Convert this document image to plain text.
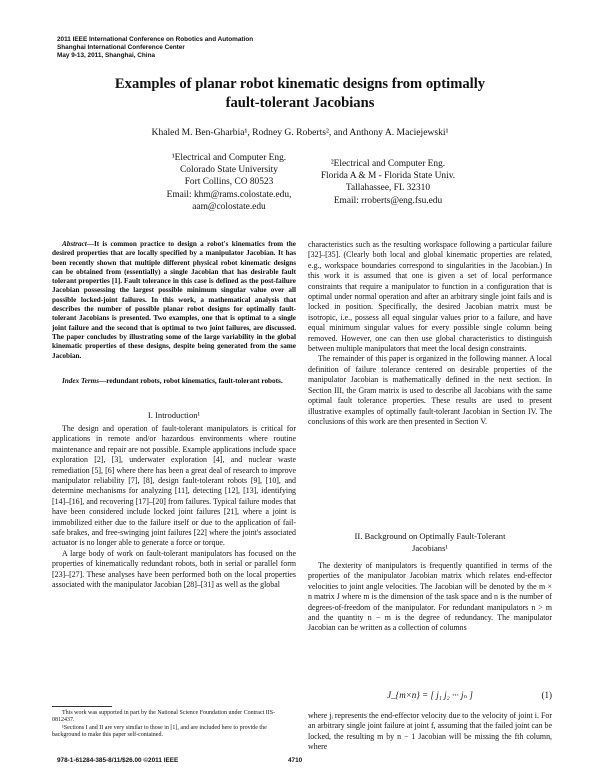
2011 IEEE International Conference on Robotics and Automation
Shanghai International Conference Center
May 9-13, 2011, Shanghai, China
Examples of planar robot kinematic designs from optimally
fault-tolerant Jacobians
Khaled M. Ben-Gharbia¹, Rodney G. Roberts², and Anthony A. Maciejewski¹
¹Electrical and Computer Eng.
Colorado State University
Fort Collins, CO 80523
Email: khm@rams.colostate.edu,
aam@colostate.edu
²Electrical and Computer Eng.
Florida A & M - Florida State Univ.
Tallahassee, FL 32310
Email: rroberts@eng.fsu.edu

Abstract—It is common practice to design a robot's kinematics from the desired properties that are locally specified by a manipulator Jacobian. It has been recently shown that multiple different physical robot kinematic designs can be obtained from (essentially) a single Jacobian that has desirable fault tolerant properties [1]. Fault tolerance in this case is defined as the post-failure Jacobian possessing the largest possible minimum singular value over all possible locked-joint failures. In this work, a mathematical analysis that describes the number of possible planar robot designs for optimally fault-tolerant Jacobians is presented. Two examples, one that is optimal to a single joint failure and the second that is optimal to two joint failures, are discussed. The paper concludes by illustrating some of the large variability in the global kinematic properties of these designs, despite being generated from the same Jacobian.

Index Terms—redundant robots, robot kinematics, fault-tolerant robots.

I. Introduction¹

The design and operation of fault-tolerant manipulators is critical for applications in remote and/or hazardous environments where routine maintenance and repair are not possible. Example applications include space exploration [2], [3], underwater exploration [4], and nuclear waste remediation [5], [6] where there has been a great deal of research to improve manipulator reliability [7], [8], design fault-tolerant robots [9], [10], and determine mechanisms for analyzing [11], detecting [12], [13], identifying [14]–[16], and recovering [17]–[20] from failures. Typical failure modes that have been considered include locked joint failures [21], where a joint is immobilized either due to the failure itself or due to the application of fail-safe brakes, and free-swinging joint failures [22] where the joint's associated actuator is no longer able to generate a force or torque.

A large body of work on fault-tolerant manipulators has focused on the properties of kinematically redundant robots, both in serial or parallel form [23]–[27]. These analyses have been performed both on the local properties associated with the manipulator Jacobian [28]–[31] as well as the global

This work was supported in part by the National Science Foundation under Contract IIS-0812437.

¹Sections I and II are very similar to those in [1], and are included here to provide the background to make this paper self-contained.

characteristics such as the resulting workspace following a particular failure [32]–[35]. (Clearly both local and global kinematic properties are related, e.g., workspace boundaries correspond to singularities in the Jacobian.) In this work it is assumed that one is given a set of local performance constraints that require a manipulator to function in a configuration that is optimal under normal operation and after an arbitrary single joint fails and is locked in position. Specifically, the desired Jacobian matrix must be isotropic, i.e., possess all equal singular values prior to a failure, and have equal minimum singular values for every possible single column being removed. However, one can then use global characteristics to distinguish between multiple manipulators that meet the local design constraints.

The remainder of this paper is organized in the following manner. A local definition of failure tolerance centered on desirable properties of the manipulator Jacobian is mathematically defined in the next section. In Section III, the Gram matrix is used to describe all Jacobians with the same optimal fault tolerance properties. These results are used to present illustrative examples of optimally fault-tolerant Jacobian in Section IV. The conclusions of this work are then presented in Section V.

II. Background on Optimally Fault-Tolerant
Jacobians¹

The dexterity of manipulators is frequently quantified in terms of the properties of the manipulator Jacobian matrix which relates end-effector velocities to joint angle velocities. The Jacobian will be denoted by the m × n matrix J where m is the dimension of the task space and n is the number of degrees-of-freedom of the manipulator. For redundant manipulators n > m and the quantity n − m is the degree of redundancy. The manipulator Jacobian can be written as a collection of columns

J_{m×n} = [ j₁ j₂ ··· jₙ ]	(1)

where jᵢ represents the end-effector velocity due to the velocity of joint i. For an arbitrary single joint failure at joint f, assuming that the failed joint can be locked, the resulting m by n − 1 Jacobian will be missing the fth column, where

978-1-61284-385-8/11/$26.00 ©2011 IEEE	4710
